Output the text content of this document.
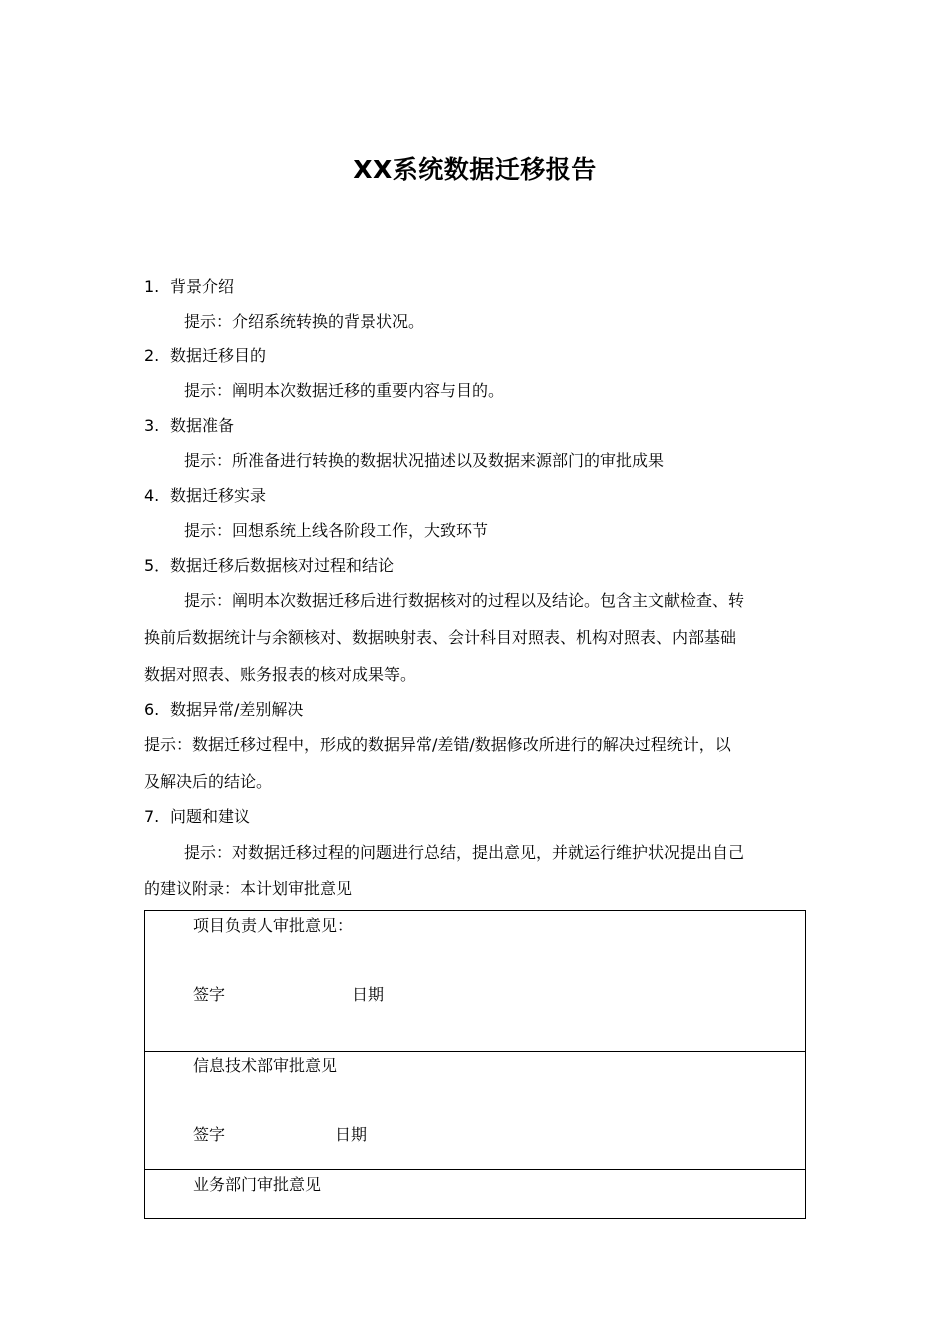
XX系统数据迁移报告
1. 背景介绍
提示：介绍系统转换的背景状况。
2. 数据迁移目的
提示：阐明本次数据迁移的重要内容与目的。
3. 数据准备
提示：所准备进行转换的数据状况描述以及数据来源部门的审批成果
4. 数据迁移实录
提示：回想系统上线各阶段工作，大致环节
5．数据迁移后数据核对过程和结论
提示：阐明本次数据迁移后进行数据核对的过程以及结论。包含主文献检查、转
换前后数据统计与余额核对、数据映射表、会计科目对照表、机构对照表、内部基础
数据对照表、账务报表的核对成果等。
6. 数据异常/差别解决
提示：数据迁移过程中，形成的数据异常/差错/数据修改所进行的解决过程统计，以
及解决后的结论。
7. 问题和建议
提示：对数据迁移过程的问题进行总结，提出意见，并就运行维护状况提出自己
的建议附录：本计划审批意见
项目负责人审批意见：
签字	日期
信息技术部审批意见
签字	日期
业务部门审批意见
